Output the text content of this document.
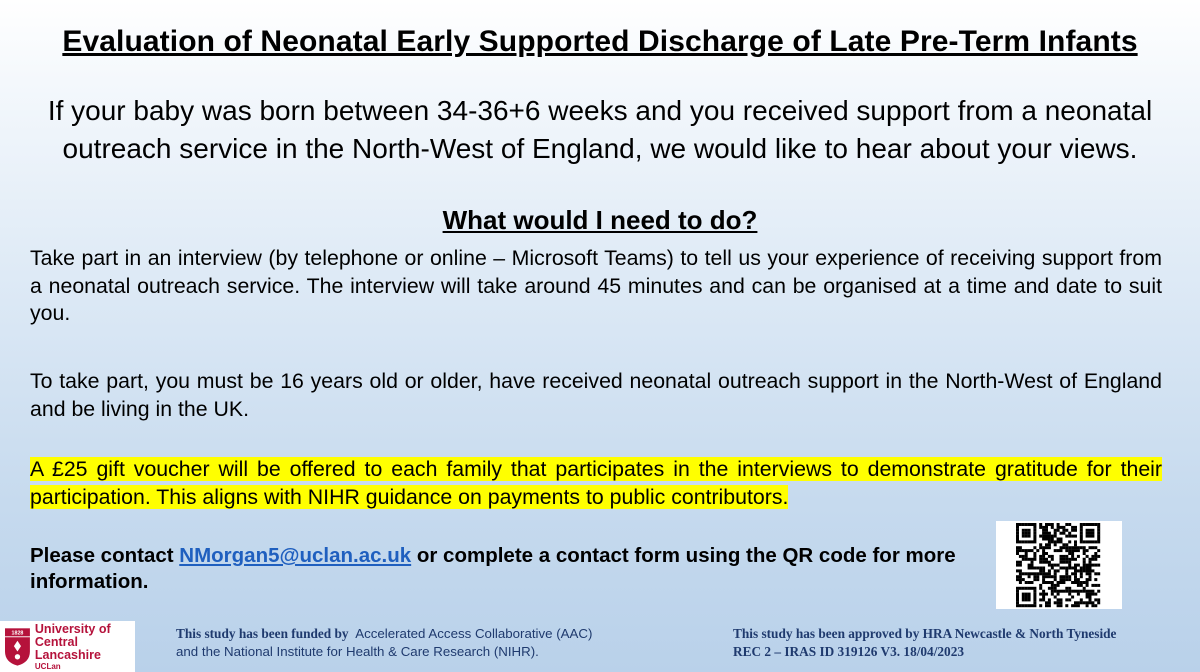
Evaluation of Neonatal Early Supported Discharge of Late Pre-Term Infants
If your baby was born between 34-36+6 weeks and you received support from a neonatal outreach service in the North-West of England, we would like to hear about your views.
What would I need to do?
Take part in an interview (by telephone or online – Microsoft Teams) to tell us your experience of receiving support from a neonatal outreach service. The interview will take around 45 minutes and can be organised at a time and date to suit you.
To take part, you must be 16 years old or older, have received neonatal outreach support in the North-West of England and be living in the UK.
A £25 gift voucher will be offered to each family that participates in the interviews to demonstrate gratitude for their participation. This aligns with NIHR guidance on payments to public contributors.
Please contact NMorgan5@uclan.ac.uk or complete a contact form using the QR code for more information.
1828 University of
Central Lancashire
UCLan
This study has been funded by Accelerated Access Collaborative (AAC) and the National Institute for Health & Care Research (NIHR).
This study has been approved by HRA Newcastle & North Tyneside
REC 2 – IRAS ID 319126 V3. 18/04/2023
